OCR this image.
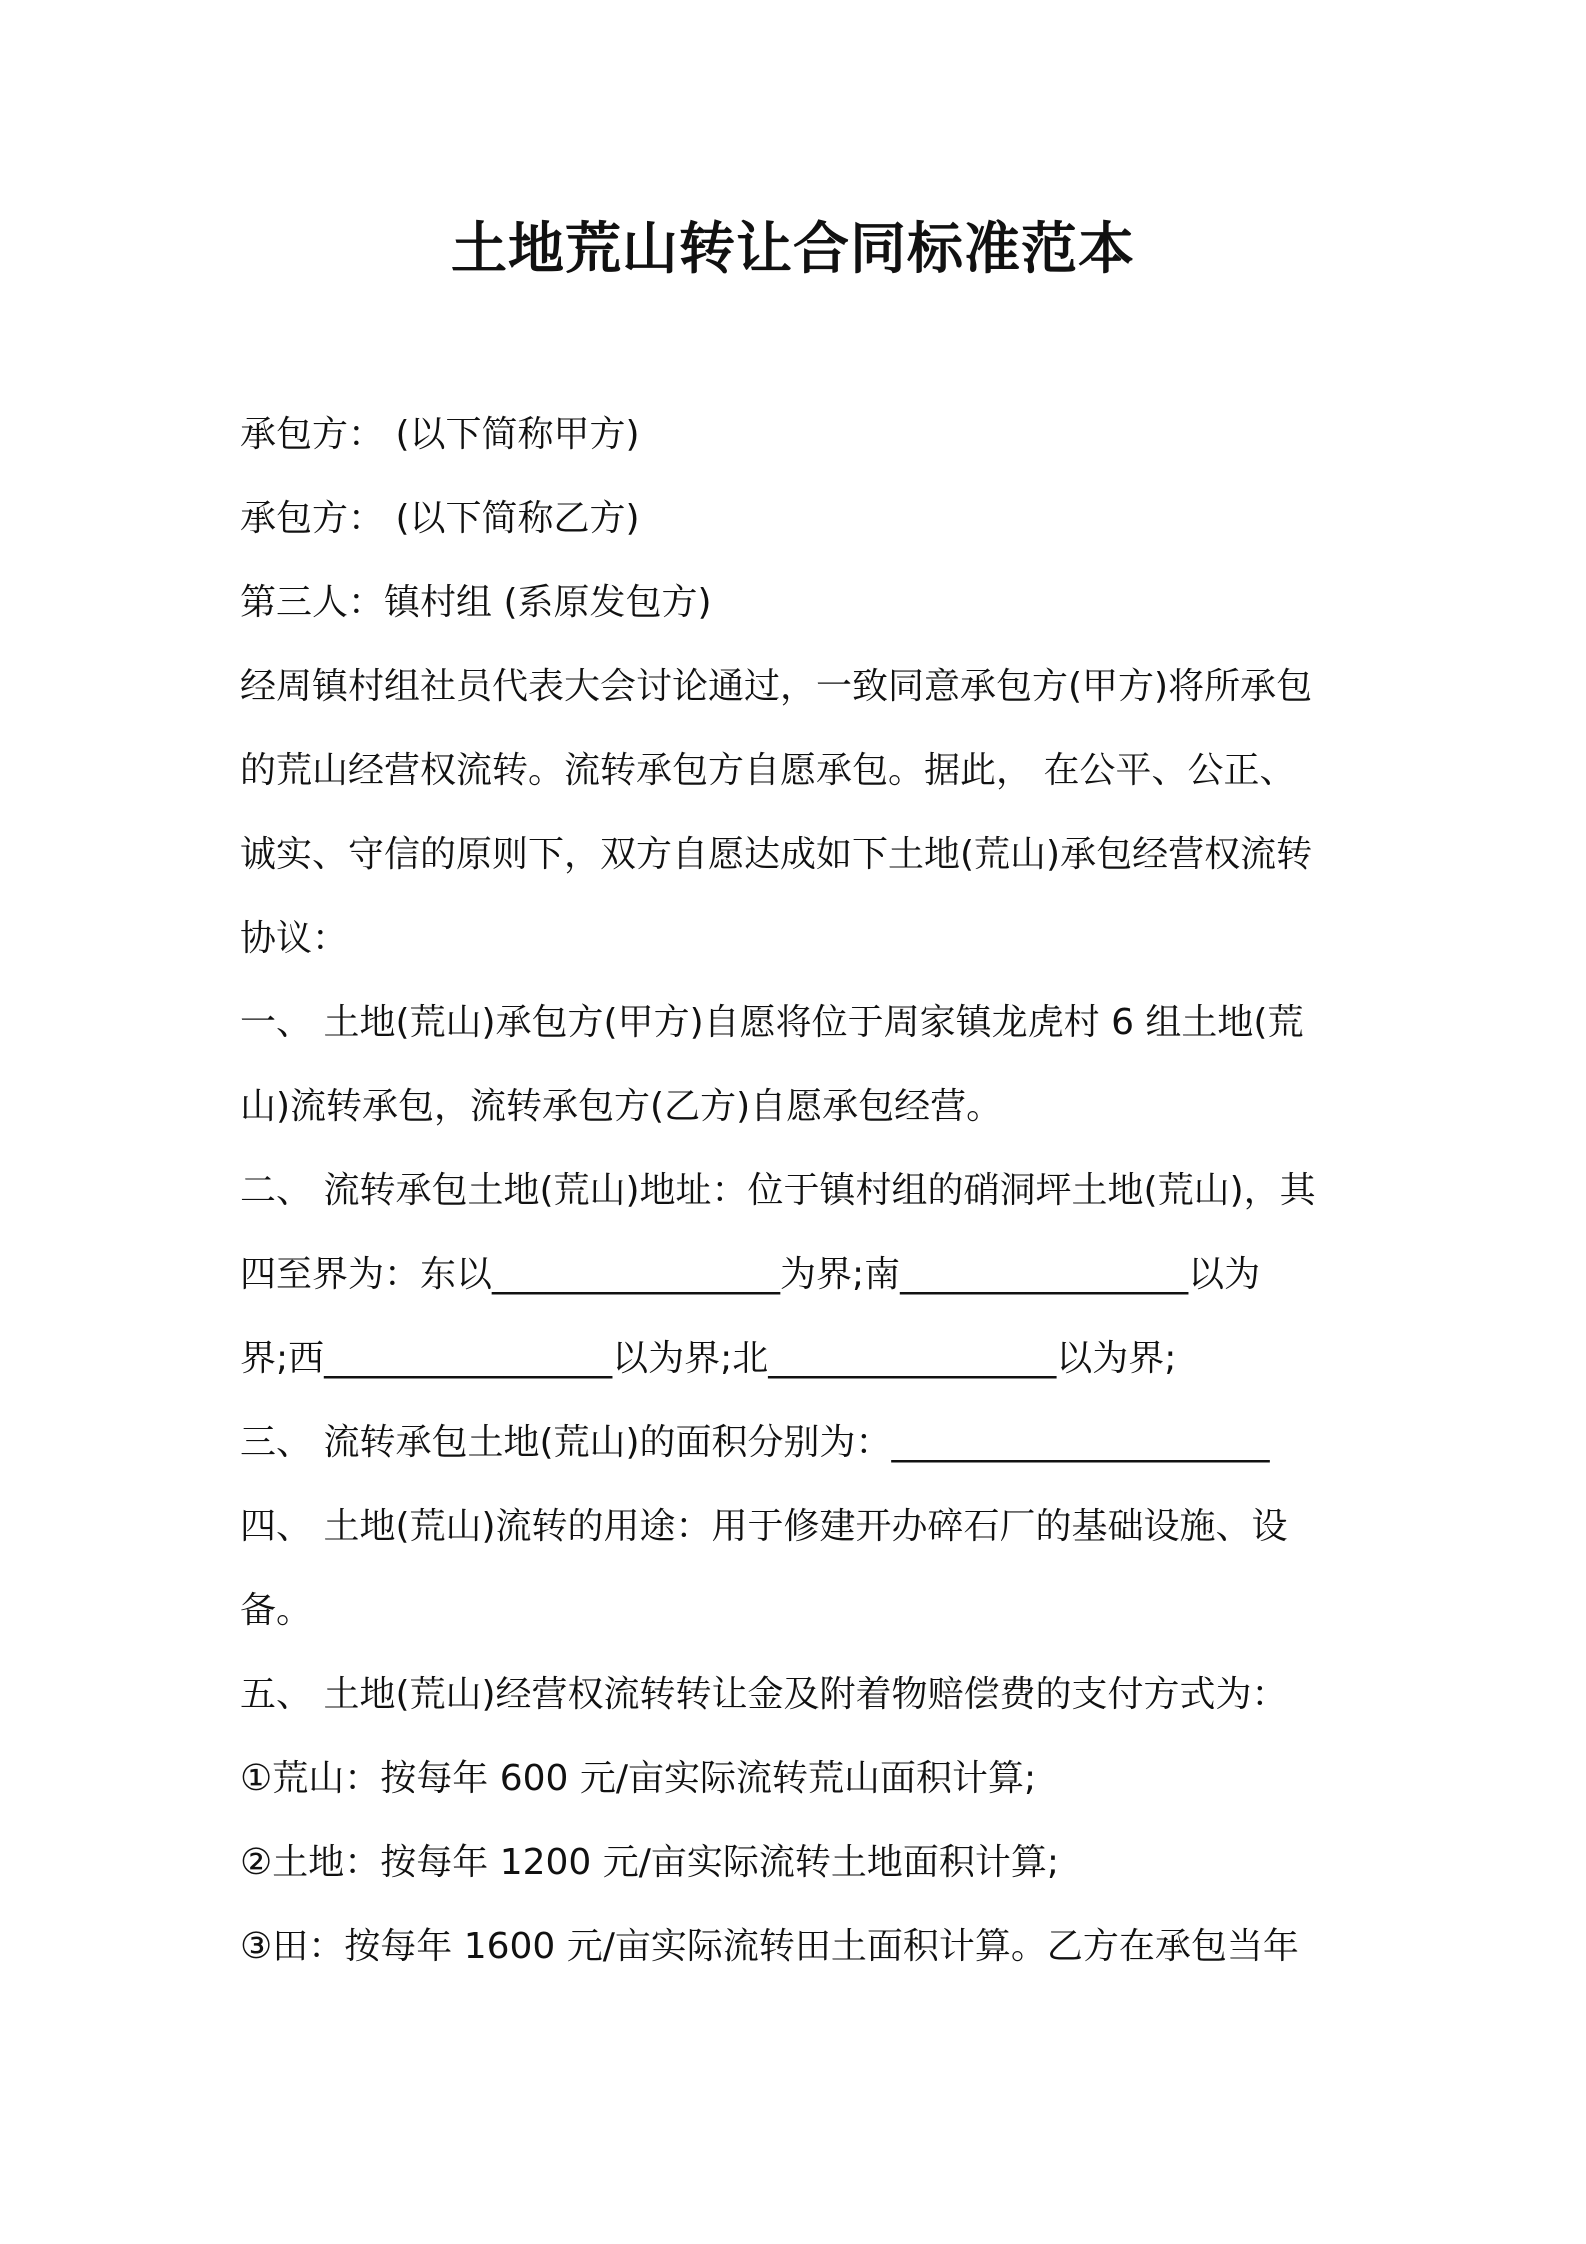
土地荒山转让合同标准范本
承包方： (以下简称甲方)
承包方： (以下简称乙方)
第三人：镇村组 (系原发包方)
经周镇村组社员代表大会讨论通过，一致同意承包方(甲方)将所承包
的荒山经营权流转。流转承包方自愿承包。据此， 在公平、公正、
诚实、守信的原则下，双方自愿达成如下土地(荒山)承包经营权流转
协议：
一、 土地(荒山)承包方(甲方)自愿将位于周家镇龙虎村 6 组土地(荒
山)流转承包，流转承包方(乙方)自愿承包经营。
二、 流转承包土地(荒山)地址：位于镇村组的硝洞坪土地(荒山)，其
四至界为：东以________________为界;南________________以为
界;西________________以为界;北________________以为界;
三、 流转承包土地(荒山)的面积分别为：_____________________
四、 土地(荒山)流转的用途：用于修建开办碎石厂的基础设施、设
备。
五、 土地(荒山)经营权流转转让金及附着物赔偿费的支付方式为：
①荒山：按每年 600 元/亩实际流转荒山面积计算;
②土地：按每年 1200 元/亩实际流转土地面积计算;
③田：按每年 1600 元/亩实际流转田土面积计算。乙方在承包当年
